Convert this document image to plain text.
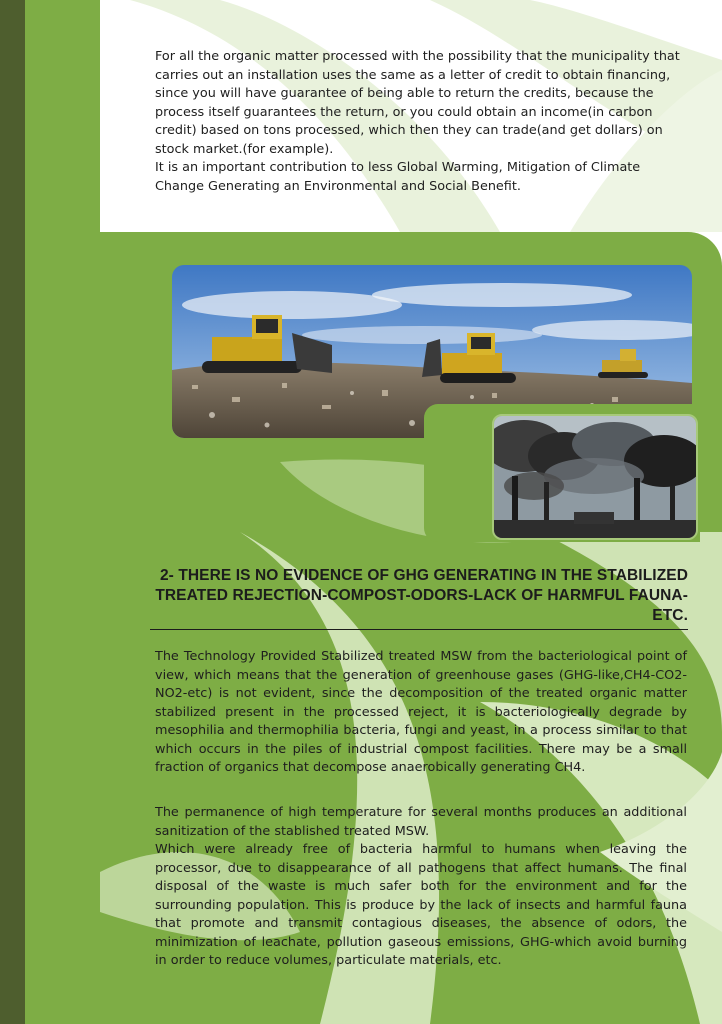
For all the organic matter processed with the possibility that the municipality that
carries out an installation uses the same as a letter of credit to obtain financing,
since you will have guarantee of being able to return the credits, because the
process itself guarantees the return, or you could obtain an income(in carbon
credit) based on tons processed, which then they can trade(and get dollars) on
stock market.(for example).
It is an important contribution to less Global Warming, Mitigation of Climate
Change Generating an Environmental and Social Benefit.
2- THERE IS NO EVIDENCE OF GHG GENERATING IN THE STABILIZED
TREATED REJECTION-COMPOST-ODORS-LACK OF HARMFUL FAUNA-ETC.

The Technology Provided Stabilized treated MSW from the bacteriological point of view, which means that the generation of greenhouse gases (GHG-like,CH4-CO2-NO2-etc) is not evident, since the decomposition of the treated organic matter stabilized present in the processed reject, it is bacteriologically degrade by mesophilia and thermophilia bacteria, fungi and yeast, in a process similar to that which occurs in the piles of industrial compost facilities. There may be a small fraction of organics that decompose anaerobically generating CH4.

The permanence of high temperature for several months produces an additional sanitization of the stablished treated MSW.

Which were already free of bacteria harmful to humans when leaving the processor, due to disappearance of all pathogens that affect humans. The final disposal of the waste is much safer both for the environment and for the surrounding population. This is produce by the lack of insects and harmful fauna that promote and transmit contagious diseases, the absence of odors, the minimization of leachate, pollution gaseous emissions, GHG-which avoid burning in order to reduce volumes, particulate materials, etc.
